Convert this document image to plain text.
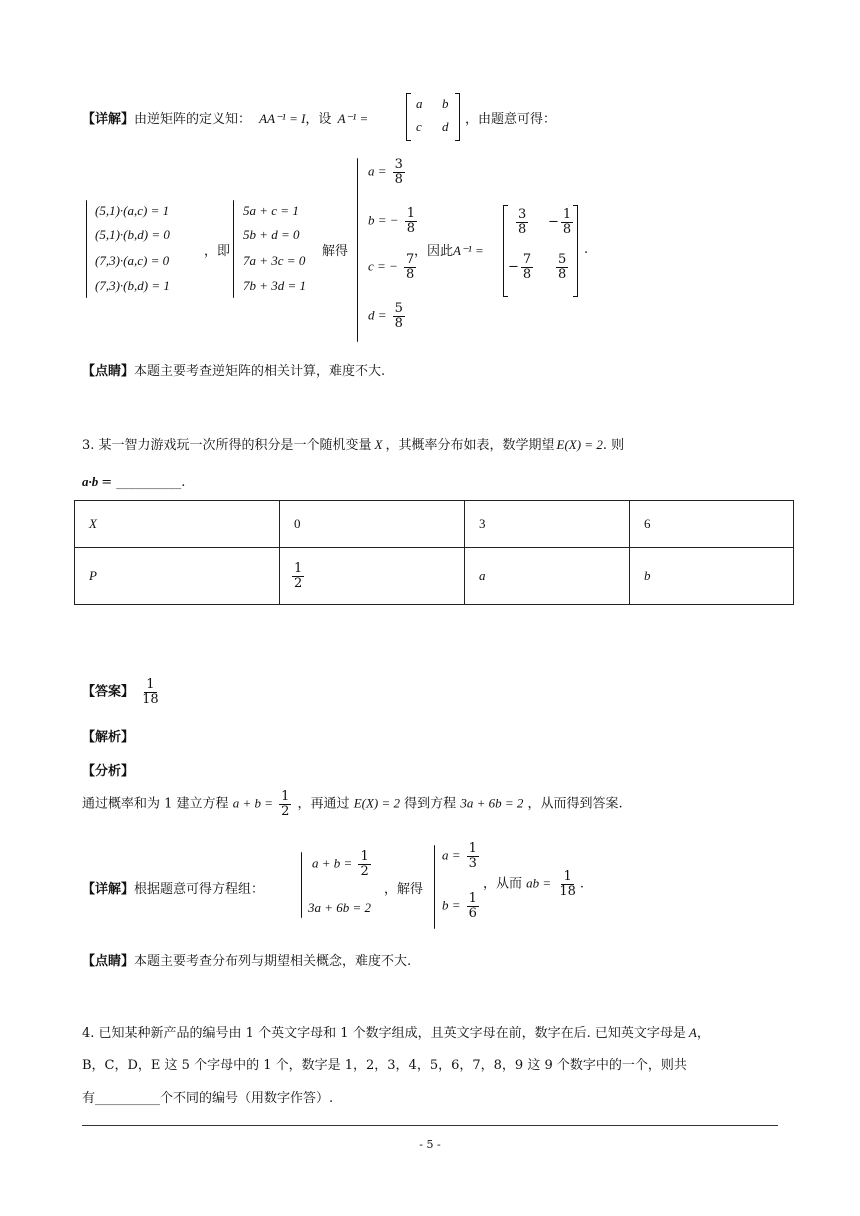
【详解】由逆矩阵的定义知： AA⁻¹ = I，设 A⁻¹ =
a b
c d ，由题意可得：
(5,1)·(a,c) = 1
(5,1)·(b,d) = 0
(7,3)·(a,c) = 0
(7,3)·(b,d) = 1
，即
5a + c = 1
5b + d = 0
7a + 3c = 0
7b + 3d = 1
解得
$a = \frac{3}{8}$
b = − $\frac{1}{8}$
c = − $\frac{7}{8}$
$d = \frac{5}{8}$
，因此A⁻¹ =
$\frac{3}{8} - \frac{1}{8}$
− $\frac{7}{8} \frac{5}{8}$
.
【点睛】本题主要考查逆矩阵的相关计算，难度不大.
3. 某一智力游戏玩一次所得的积分是一个随机变量 X ，其概率分布如表，数学期望 E(X) = 2. 则
a·b = __________.
X	0	3	6
P	$\frac{1}{2}$	a	b
【答案】 $\frac{1}{18}$
【解析】
【分析】
通过概率和为 1 建立方程 $a + b = \frac{1}{2}$ ，再通过 E(X) = 2 得到方程 3a + 6b = 2 ，从而得到答案.
【详解】根据题意可得方程组：
$a + b = \frac{1}{2}$
3a + 6b = 2
，解得
$a = \frac{1}{3}$
$b = \frac{1}{6}$
，从而 ab = $\frac{1}{18}$ .
【点睛】本题主要考查分布列与期望相关概念，难度不大.
4. 已知某种新产品的编号由 1 个英文字母和 1 个数字组成，且英文字母在前，数字在后. 已知英文字母是 A，
B，C，D，E 这 5 个字母中的 1 个，数字是 1，2，3，4，5，6，7，8，9 这 9 个数字中的一个，则共
有__________个不同的编号（用数字作答）.
- 5 -
